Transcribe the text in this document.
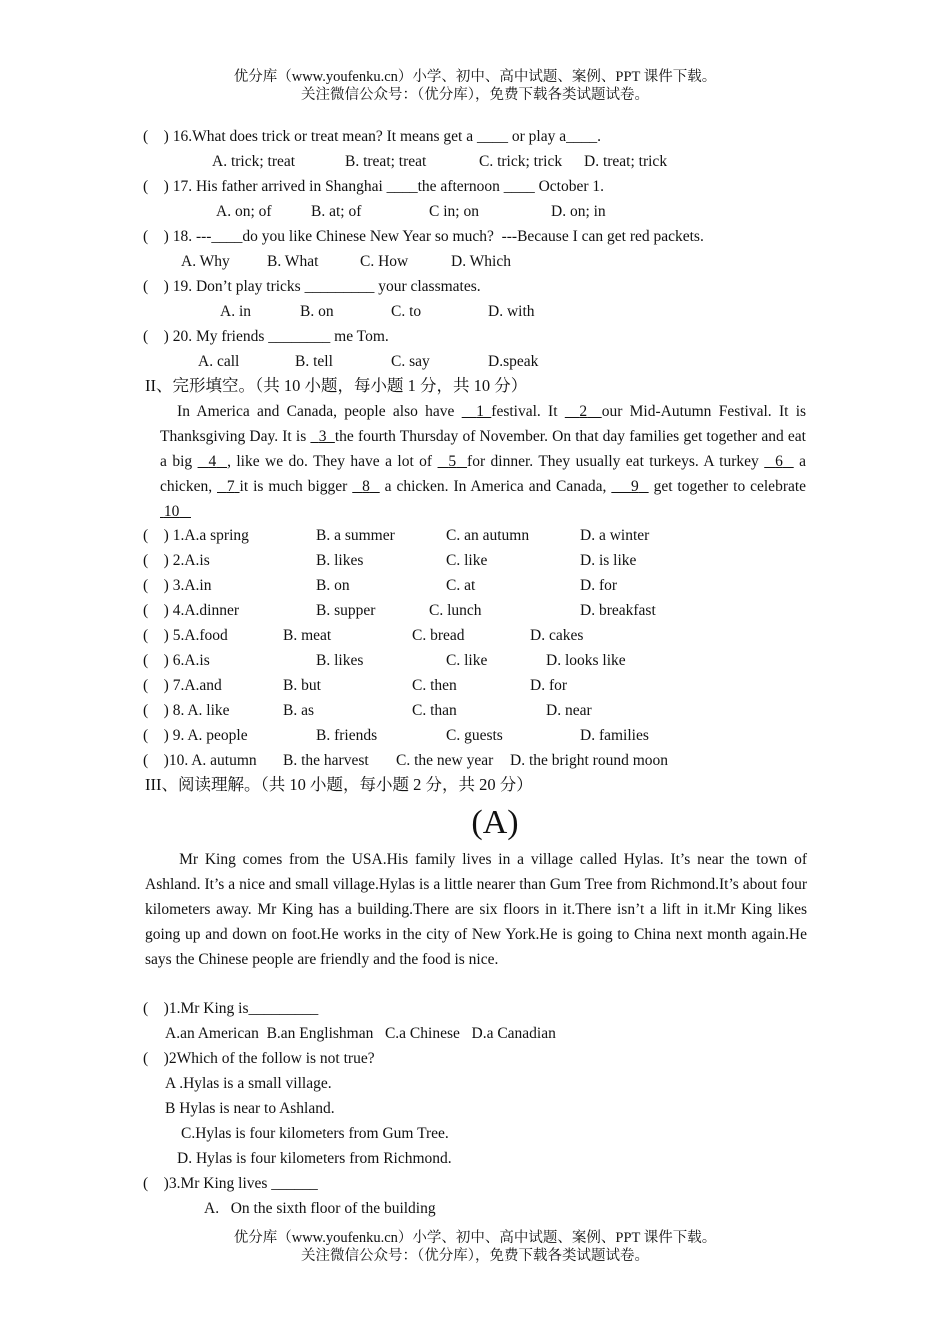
优分库（www.youfenku.cn）小学、初中、高中试题、案例、PPT 课件下载。
关注微信公众号：（优分库），免费下载各类试题试卷。
(    ) 16.What does trick or treat mean? It means get a ____ or play a____.
A. trick; treat	B. treat; treat	C. trick; trick D. treat; trick
(    ) 17. His father arrived in Shanghai ____the afternoon ____ October 1.
A. on; of	B. at; of	C in; on	D. on; in
(    ) 18. ---____do you like Chinese New Year so much?  ---Because I can get red packets.
A. Why B. What	C. How	D. Which
(    ) 19. Don’t play tricks _________ your classmates.
A. in	B. on	C. to	D. with
(    ) 20. My friends ________ me Tom.
A. call	B. tell	C. say	D.speak
II、完形填空。（共 10 小题，每小题 1 分，共 10 分）
In America and Canada, people also have   1 festival. It   2 our Mid-Autumn Festival. It is Thanksgiving Day. It is   3 the fourth Thursday of November. On that day families get together and eat a big   4 , like we do. They have a lot of   5 for dinner. They usually eat turkeys. A turkey   6   a chicken,   7 it is much bigger   8   a chicken. In America and Canada,     9   get together to celebrate  10
(    ) 1.A.a spring	B. a summer	C. an autumn	D. a winter
(    ) 2.A.is	B. likes	C. like	D. is like
(    ) 3.A.in	B. on	C. at	D. for
(    ) 4.A.dinner	B. supper	C. lunch	D. breakfast
(    ) 5.A.food	B. meat	C. bread	D. cakes
(    ) 6.A.is	B. likes	C. like	D. looks like
(    ) 7.A.and	B. but	C. then	D. for
(    ) 8. A. like	B. as	C. than	D. near
(    ) 9. A. people	B. friends	C. guests	D. families
(    )10. A. autumn B. the harvest C. the new year D. the bright round moon
III、阅读理解。（共 10 小题，每小题 2 分，共 20 分）
(A)
Mr King comes from the USA.His family lives in a village called Hylas. It’s near the town of Ashland. It’s a nice and small village.Hylas is a little nearer than Gum Tree from Richmond.It’s about four kilometers away. Mr King has a building.There are six floors in it.There isn’t a lift in it.Mr King likes going up and down on foot.He works in the city of New York.He is going to China next month again.He says the Chinese people are friendly and the food is nice.
(    )1.Mr King is_________
A.an American  B.an Englishman   C.a Chinese   D.a Canadian
(    )2Which of the follow is not true?
A .Hylas is a small village.
B Hylas is near to Ashland.
C.Hylas is four kilometers from Gum Tree.
D. Hylas is four kilometers from Richmond.
(    )3.Mr King lives ______
A.   On the sixth floor of the building
优分库（www.youfenku.cn）小学、初中、高中试题、案例、PPT 课件下载。
关注微信公众号：（优分库），免费下载各类试题试卷。
